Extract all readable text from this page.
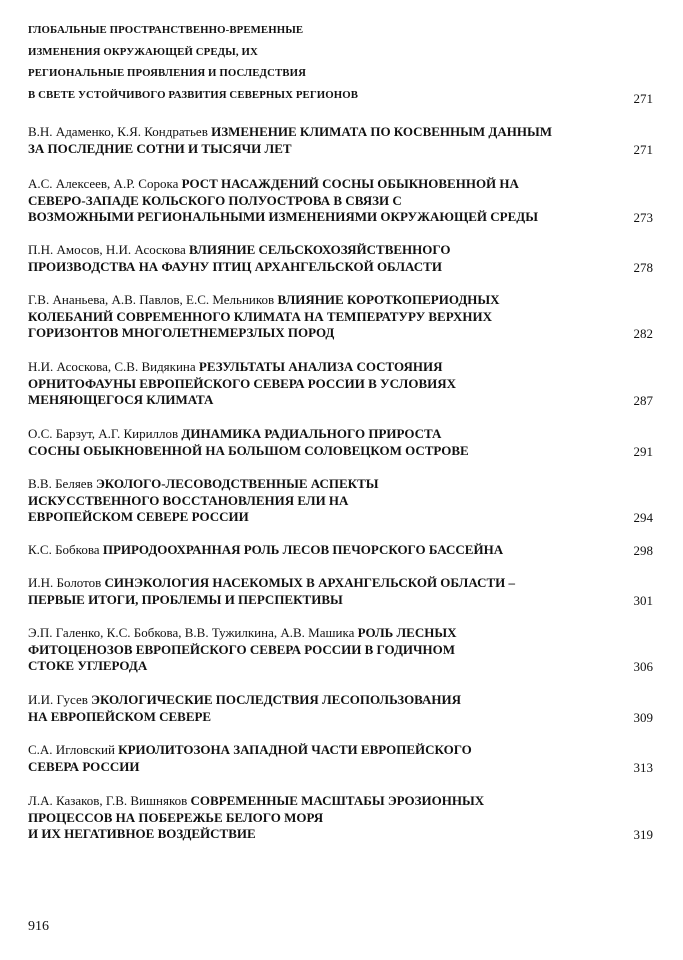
ГЛОБАЛЬНЫЕ ПРОСТРАНСТВЕННО-ВРЕМЕННЫЕ
ИЗМЕНЕНИЯ ОКРУЖАЮЩЕЙ СРЕДЫ, ИХ
РЕГИОНАЛЬНЫЕ ПРОЯВЛЕНИЯ И ПОСЛЕДСТВИЯ
В СВЕТЕ УСТОЙЧИВОГО РАЗВИТИЯ СЕВЕРНЫХ РЕГИОНОВ	271
В.Н. Адаменко, К.Я. Кондратьев ИЗМЕНЕНИЕ КЛИМАТА ПО КОСВЕННЫМ ДАННЫМ
ЗА ПОСЛЕДНИЕ СОТНИ И ТЫСЯЧИ ЛЕТ	271
А.С. Алексеев, А.Р. Сорока РОСТ НАСАЖДЕНИЙ СОСНЫ ОБЫКНОВЕННОЙ НА
СЕВЕРО-ЗАПАДЕ КОЛЬСКОГО ПОЛУОСТРОВА В СВЯЗИ С
ВОЗМОЖНЫМИ РЕГИОНАЛЬНЫМИ ИЗМЕНЕНИЯМИ ОКРУЖАЮЩЕЙ СРЕДЫ	273
П.Н. Амосов, Н.И. Асоскова ВЛИЯНИЕ СЕЛЬСКОХОЗЯЙСТВЕННОГО
ПРОИЗВОДСТВА НА ФАУНУ ПТИЦ АРХАНГЕЛЬСКОЙ ОБЛАСТИ	278
Г.В. Ананьева, А.В. Павлов, Е.С. Мельников ВЛИЯНИЕ КОРОТКОПЕРИОДНЫХ
КОЛЕБАНИЙ СОВРЕМЕННОГО КЛИМАТА НА ТЕМПЕРАТУРУ ВЕРХНИХ
ГОРИЗОНТОВ МНОГОЛЕТНЕМЕРЗЛЫХ ПОРОД	282
Н.И. Асоскова, С.В. Видякина РЕЗУЛЬТАТЫ АНАЛИЗА СОСТОЯНИЯ
ОРНИТОФАУНЫ ЕВРОПЕЙСКОГО СЕВЕРА РОССИИ В УСЛОВИЯХ
МЕНЯЮЩЕГОСЯ КЛИМАТА	287
О.С. Барзут, А.Г. Кириллов ДИНАМИКА РАДИАЛЬНОГО ПРИРОСТА
СОСНЫ ОБЫКНОВЕННОЙ НА БОЛЬШОМ СОЛОВЕЦКОМ ОСТРОВЕ	291
В.В. Беляев ЭКОЛОГО-ЛЕСОВОДСТВЕННЫЕ АСПЕКТЫ
ИСКУССТВЕННОГО ВОССТАНОВЛЕНИЯ ЕЛИ НА
ЕВРОПЕЙСКОМ СЕВЕРЕ РОССИИ	294
К.С. Бобкова ПРИРОДООХРАННАЯ РОЛЬ ЛЕСОВ ПЕЧОРСКОГО БАССЕЙНА	298
И.Н. Болотов СИНЭКОЛОГИЯ НАСЕКОМЫХ В АРХАНГЕЛЬСКОЙ ОБЛАСТИ –
ПЕРВЫЕ ИТОГИ, ПРОБЛЕМЫ И ПЕРСПЕКТИВЫ	301
Э.П. Галенко, К.С. Бобкова, В.В. Тужилкина, А.В. Машика РОЛЬ ЛЕСНЫХ
ФИТОЦЕНОЗОВ ЕВРОПЕЙСКОГО СЕВЕРА РОССИИ В ГОДИЧНОМ
СТОКЕ УГЛЕРОДА	306
И.И. Гусев ЭКОЛОГИЧЕСКИЕ ПОСЛЕДСТВИЯ ЛЕСОПОЛЬЗОВАНИЯ
НА ЕВРОПЕЙСКОМ СЕВЕРЕ	309
С.А. Игловский КРИОЛИТОЗОНА ЗАПАДНОЙ ЧАСТИ ЕВРОПЕЙСКОГО
СЕВЕРА РОССИИ	313
Л.А. Казаков, Г.В. Вишняков СОВРЕМЕННЫЕ МАСШТАБЫ ЭРОЗИОННЫХ
ПРОЦЕССОВ НА ПОБЕРЕЖЬЕ БЕЛОГО МОРЯ
И ИХ НЕГАТИВНОЕ ВОЗДЕЙСТВИЕ	319
916
